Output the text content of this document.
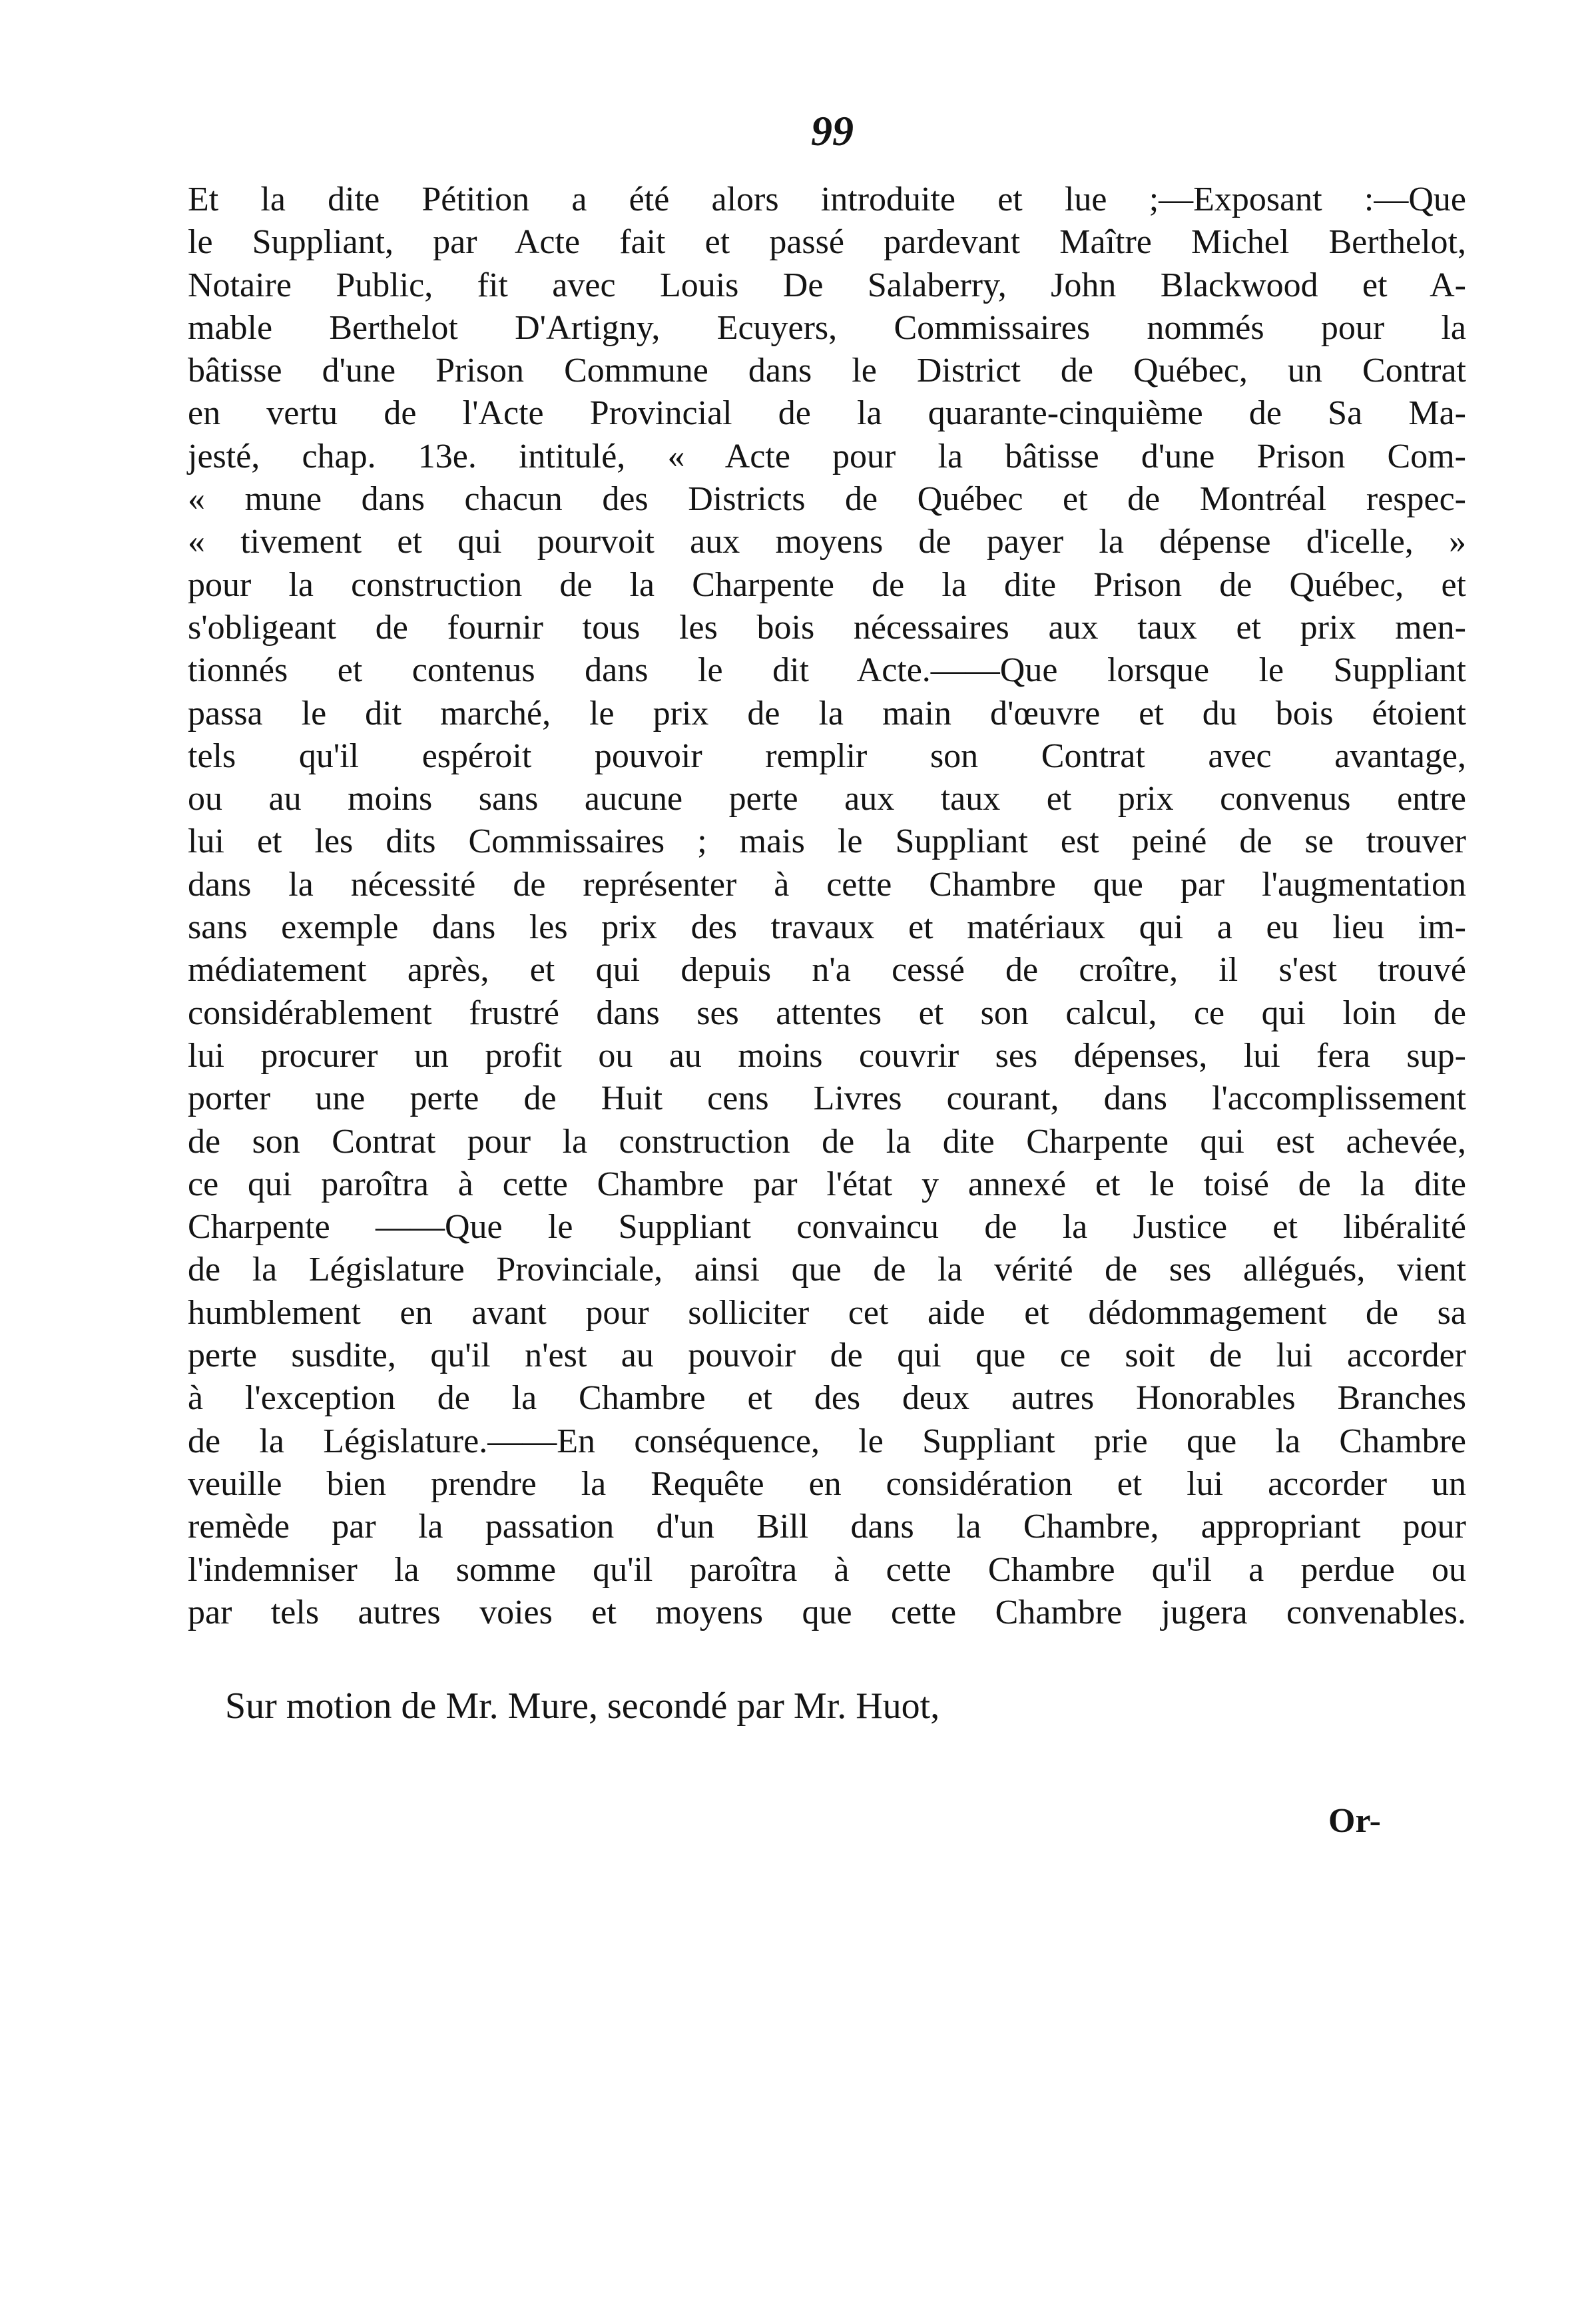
99
Et la dite Pétition a été alors introduite et lue ;—Exposant :—Que
le Suppliant, par Acte fait et passé pardevant Maître Michel Berthelot,
Notaire Public, fit avec Louis De Salaberry, John Blackwood et A-
mable Berthelot D'Artigny, Ecuyers, Commissaires nommés pour la
bâtisse d'une Prison Commune dans le District de Québec, un Contrat
en vertu de l'Acte Provincial de la quarante-cinquième de Sa Ma-
jesté, chap. 13e. intitulé, « Acte pour la bâtisse d'une Prison Com-
« mune dans chacun des Districts de Québec et de Montréal respec-
« tivement et qui pourvoit aux moyens de payer la dépense d'icelle, »
pour la construction de la Charpente de la dite Prison de Québec, et
s'obligeant de fournir tous les bois nécessaires aux taux et prix men-
tionnés et contenus dans le dit Acte.——Que lorsque le Suppliant
passa le dit marché, le prix de la main d'œuvre et du bois étoient
tels qu'il espéroit pouvoir remplir son Contrat avec avantage,
ou au moins sans aucune perte aux taux et prix convenus entre
lui et les dits Commissaires ; mais le Suppliant est peiné de se trouver
dans la nécessité de représenter à cette Chambre que par l'augmentation
sans exemple dans les prix des travaux et matériaux qui a eu lieu im-
médiatement après, et qui depuis n'a cessé de croître, il s'est trouvé
considérablement frustré dans ses attentes et son calcul, ce qui loin de
lui procurer un profit ou au moins couvrir ses dépenses, lui fera sup-
porter une perte de Huit cens Livres courant, dans l'accomplissement
de son Contrat pour la construction de la dite Charpente qui est achevée,
ce qui paroîtra à cette Chambre par l'état y annexé et le toisé de la dite
Charpente ——Que le Suppliant convaincu de la Justice et libéralité
de la Législature Provinciale, ainsi que de la vérité de ses allégués, vient
humblement en avant pour solliciter cet aide et dédommagement de sa
perte susdite, qu'il n'est au pouvoir de qui que ce soit de lui accorder
à l'exception de la Chambre et des deux autres Honorables Branches
de la Législature.——En conséquence, le Suppliant prie que la Chambre
veuille bien prendre la Requête en considération et lui accorder un
remède par la passation d'un Bill dans la Chambre, appropriant pour
l'indemniser la somme qu'il paroîtra à cette Chambre qu'il a perdue ou
par tels autres voies et moyens que cette Chambre jugera convenables.
Sur motion de Mr. Mure, secondé par Mr. Huot,
Or-
